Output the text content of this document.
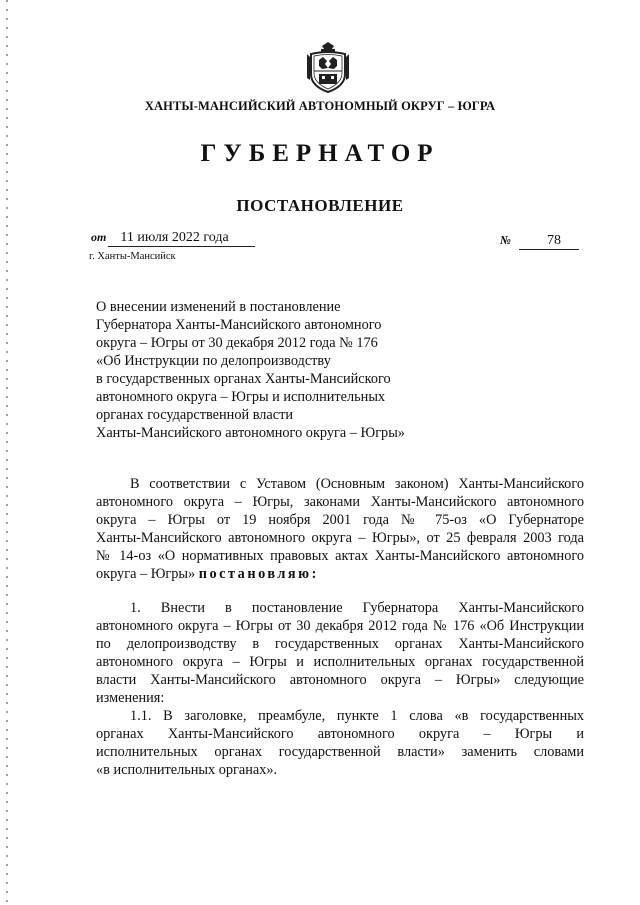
ХАНТЫ-МАНСИЙСКИЙ АВТОНОМНЫЙ ОКРУГ – ЮГРА
ГУБЕРНАТОР
ПОСТАНОВЛЕНИЕ
от 11 июля 2022 года	№	78
г. Ханты-Мансийск
О внесении изменений в постановление
Губернатора Ханты-Мансийского автономного
округа – Югры от 30 декабря 2012 года № 176
«Об Инструкции по делопроизводству
в государственных органах Ханты-Мансийского
автономного округа – Югры и исполнительных
органах государственной власти
Ханты-Мансийского автономного округа – Югры»

В соответствии с Уставом (Основным законом) Ханты-Мансийского
автономного округа – Югры, законами Ханты-Мансийского автономного
округа – Югры от 19 ноября 2001 года № 75-оз «О Губернаторе
Ханты-Мансийского автономного округа – Югры», от 25 февраля 2003 года
№ 14-оз «О нормативных правовых актах Ханты-Мансийского автономного
округа – Югры» постановляю:

1. Внести в постановление Губернатора Ханты-Мансийского
автономного округа – Югры от 30 декабря 2012 года № 176 «Об Инструкции
по делопроизводству в государственных органах Ханты-Мансийского
автономного округа – Югры и исполнительных органах государственной
власти Ханты-Мансийского автономного округа – Югры» следующие
изменения:

1.1. В заголовке, преамбуле, пункте 1 слова «в государственных
органах Ханты-Мансийского автономного округа – Югры и
исполнительных органах государственной власти» заменить словами
«в исполнительных органах».
